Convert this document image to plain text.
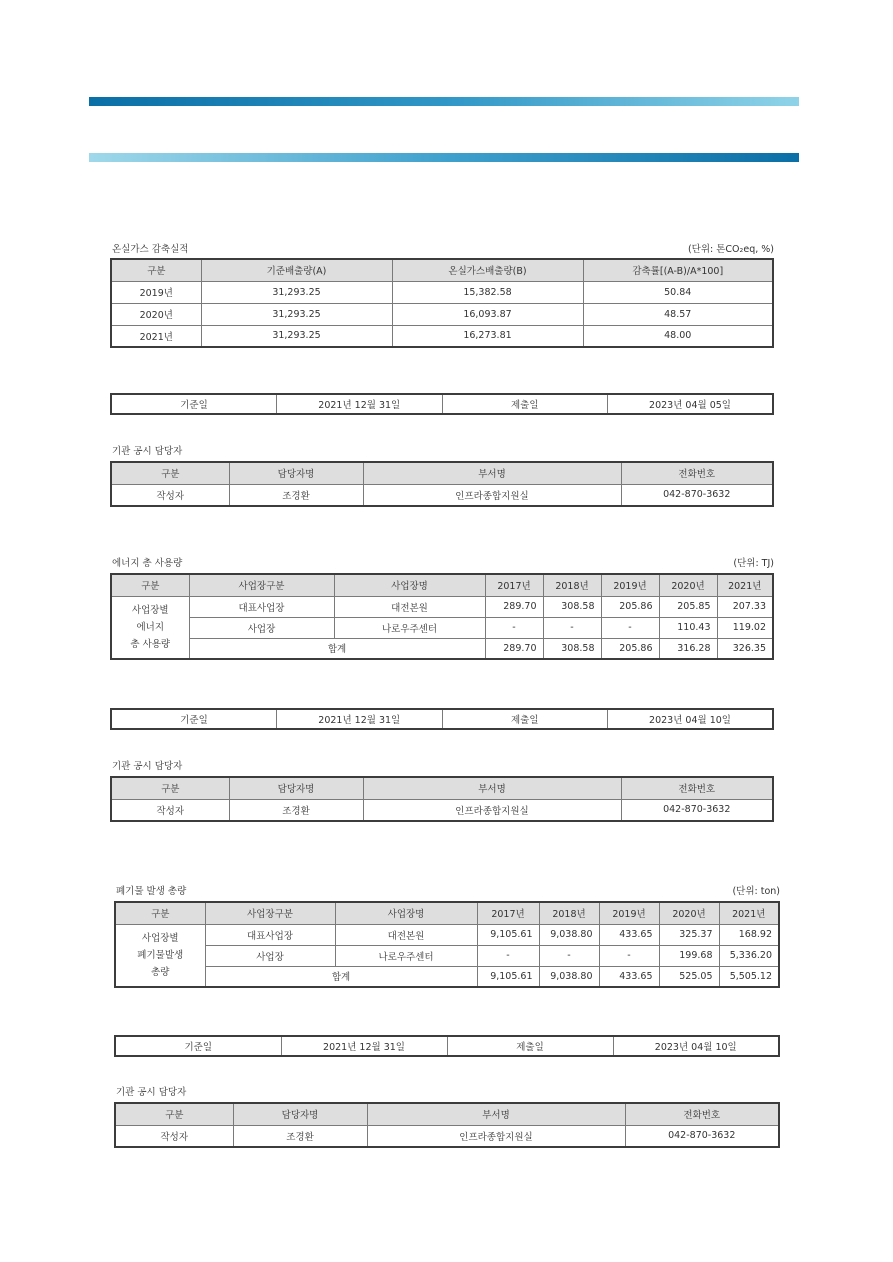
온실가스 감축실적	(단위: 톤CO₂eq, %)
구분	기준배출량(A)	온실가스배출량(B)	감축률[(A-B)/A*100]
2019년	31,293.25	15,382.58	50.84
2020년	31,293.25	16,093.87	48.57
2021년	31,293.25	16,273.81	48.00
기준일	2021년 12월 31일	제출일	2023년 04월 05일
기관 공시 담당자
구분	담당자명	부서명	전화번호
작성자	조경환	인프라종합지원실	042-870-3632
에너지 총 사용량	(단위: TJ)
구분	사업장구분	사업장명	2017년	2018년	2019년	2020년	2021년

사업장별
에너지
총 사용량	대표사업장	대전본원	289.70	308.58	205.86	205.85	207.33
	사업장	나로우주센터	-	-	-	110.43	119.02
	합계		289.70	308.58	205.86	316.28	326.35
기준일	2021년 12월 31일	제출일	2023년 04월 10일
기관 공시 담당자
구분	담당자명	부서명	전화번호
작성자	조경환	인프라종합지원실	042-870-3632
폐기물 발생 총량	(단위: ton)
구분	사업장구분	사업장명	2017년	2018년	2019년	2020년	2021년

사업장별
폐기물발생
총량	대표사업장	대전본원	9,105.61	9,038.80	433.65	325.37	168.92
	사업장	나로우주센터	-	-	-	199.68	5,336.20
	합계		9,105.61	9,038.80	433.65	525.05	5,505.12
기준일	2021년 12월 31일	제출일	2023년 04월 10일
기관 공시 담당자
구분	담당자명	부서명	전화번호
작성자	조경환	인프라종합지원실	042-870-3632
